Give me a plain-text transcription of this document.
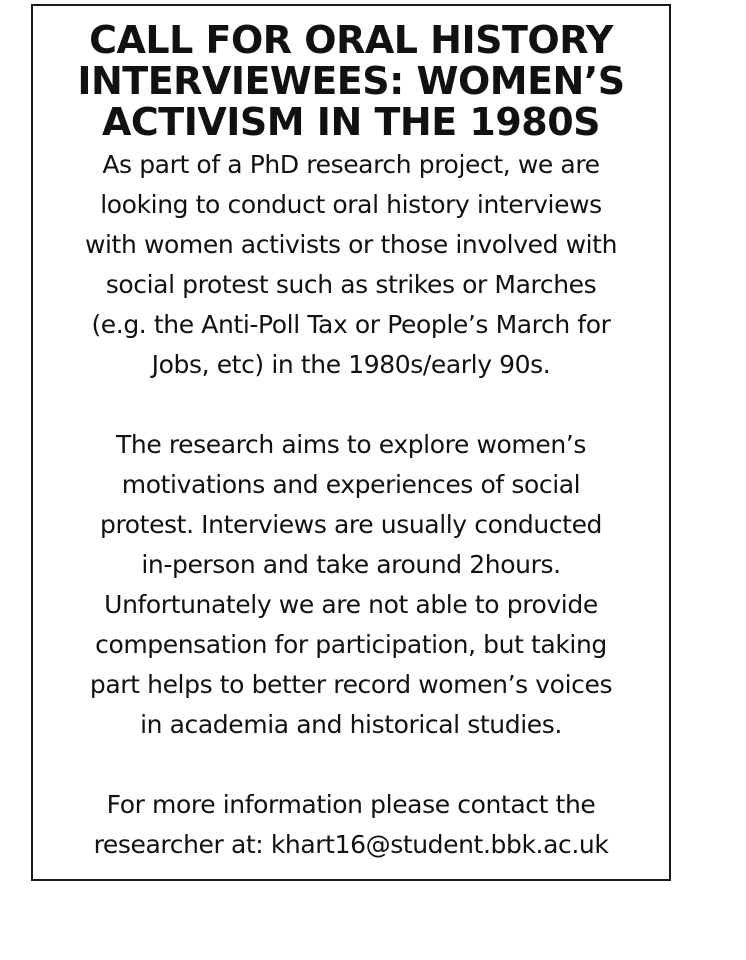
CALL FOR ORAL HISTORY
INTERVIEWEES: WOMEN’S
ACTIVISM IN THE 1980S

As part of a PhD research project, we are
looking to conduct oral history interviews
with women activists or those involved with
social protest such as strikes or Marches
(e.g. the Anti-Poll Tax or People’s March for
Jobs, etc) in the 1980s/early 90s.

The research aims to explore women’s
motivations and experiences of social
protest. Interviews are usually conducted
in-person and take around 2hours.
Unfortunately we are not able to provide
compensation for participation, but taking
part helps to better record women’s voices
in academia and historical studies.

For more information please contact the
researcher at: khart16@student.bbk.ac.uk
